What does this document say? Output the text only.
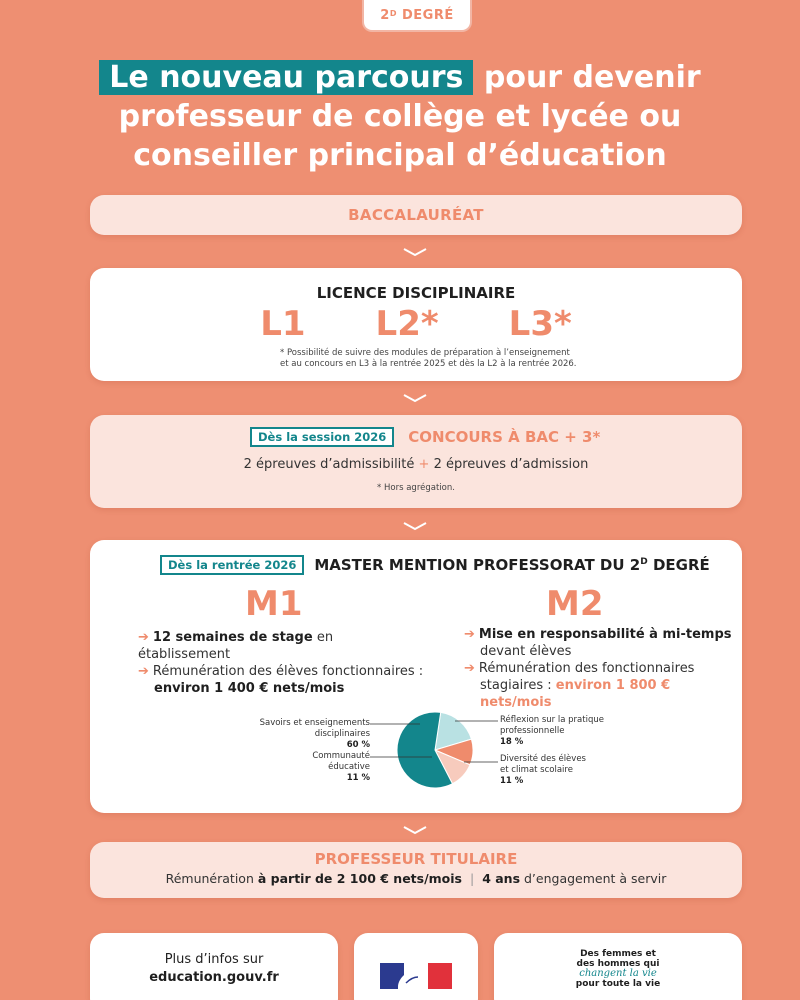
$2^D$
DEGRÉ
Le nouveau parcours pour devenir
professeur de collège et lycée ou
conseiller principal d’éducation
BACCALAURÉAT
LICENCE DISCIPLINAIRE
L1 L2* L3*
* Possibilité de suivre des modules de préparation à l’enseignement
et au concours en L3 à la rentrée 2025 et dès la L2 à la rentrée 2026.
Dès la session 2026	CONCOURS À BAC + 3*
2 épreuves d’admissibilité + 2 épreuves d’admission
* Hors agrégation.
Dès la rentrée 2026	MASTER MENTION PROFESSORAT DU $2^D$ DEGRÉ
M1
➔ 12 semaines de stage en établissement
➔ Rémunération des élèves fonctionnaires :
environ 1 400 € nets/mois
M2
➔ Mise en responsabilité à mi-temps
devant élèves
➔ Rémunération des fonctionnaires
stagiaires : environ 1 800 € nets/mois
Savoirs et enseignements
disciplinaires
60 %
Communauté
éducative
11 %
Réflexion sur la pratique
professionnelle
18 %
Diversité des élèves
et climat scolaire
11 %
PROFESSEUR TITULAIRE
Rémunération à partir de 2 100 € nets/mois | 4 ans d’engagement à servir
Plus d’infos sur
education.gouv.fr
Des femmes et
des hommes qui
changent la vie
pour toute la vie
